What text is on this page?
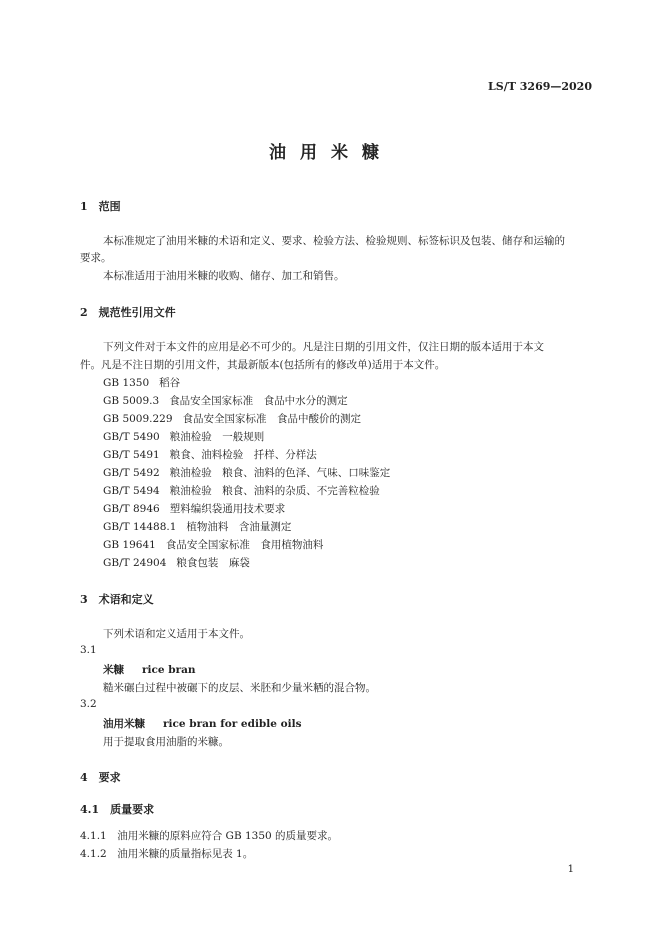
LS/T 3269—2020
油用米糠
1　范围
本标准规定了油用米糠的术语和定义、要求、检验方法、检验规则、标签标识及包装、储存和运输的
要求。
本标准适用于油用米糠的收购、储存、加工和销售。
2　规范性引用文件
下列文件对于本文件的应用是必不可少的。凡是注日期的引用文件，仅注日期的版本适用于本文
件。凡是不注日期的引用文件，其最新版本(包括所有的修改单)适用于本文件。
GB 1350 稻谷
GB 5009.3 食品安全国家标准　食品中水分的测定
GB 5009.229 食品安全国家标准　食品中酸价的测定
GB/T 5490 粮油检验　一般规则
GB/T 5491 粮食、油料检验　扦样、分样法
GB/T 5492 粮油检验　粮食、油料的色泽、气味、口味鉴定
GB/T 5494 粮油检验　粮食、油料的杂质、不完善粒检验
GB/T 8946 塑料编织袋通用技术要求
GB/T 14488.1 植物油料　含油量测定
GB 19641 食品安全国家标准　食用植物油料
GB/T 24904 粮食包装　麻袋
3　术语和定义
下列术语和定义适用于本文件。
3.1
米糠 rice bran
糙米碾白过程中被碾下的皮层、米胚和少量米粞的混合物。
3.2
油用米糠 rice bran for edible oils
用于提取食用油脂的米糠。
4　要求
4.1　质量要求
4.1.1　油用米糠的原料应符合 GB 1350 的质量要求。
4.1.2　油用米糠的质量指标见表 1。
1
